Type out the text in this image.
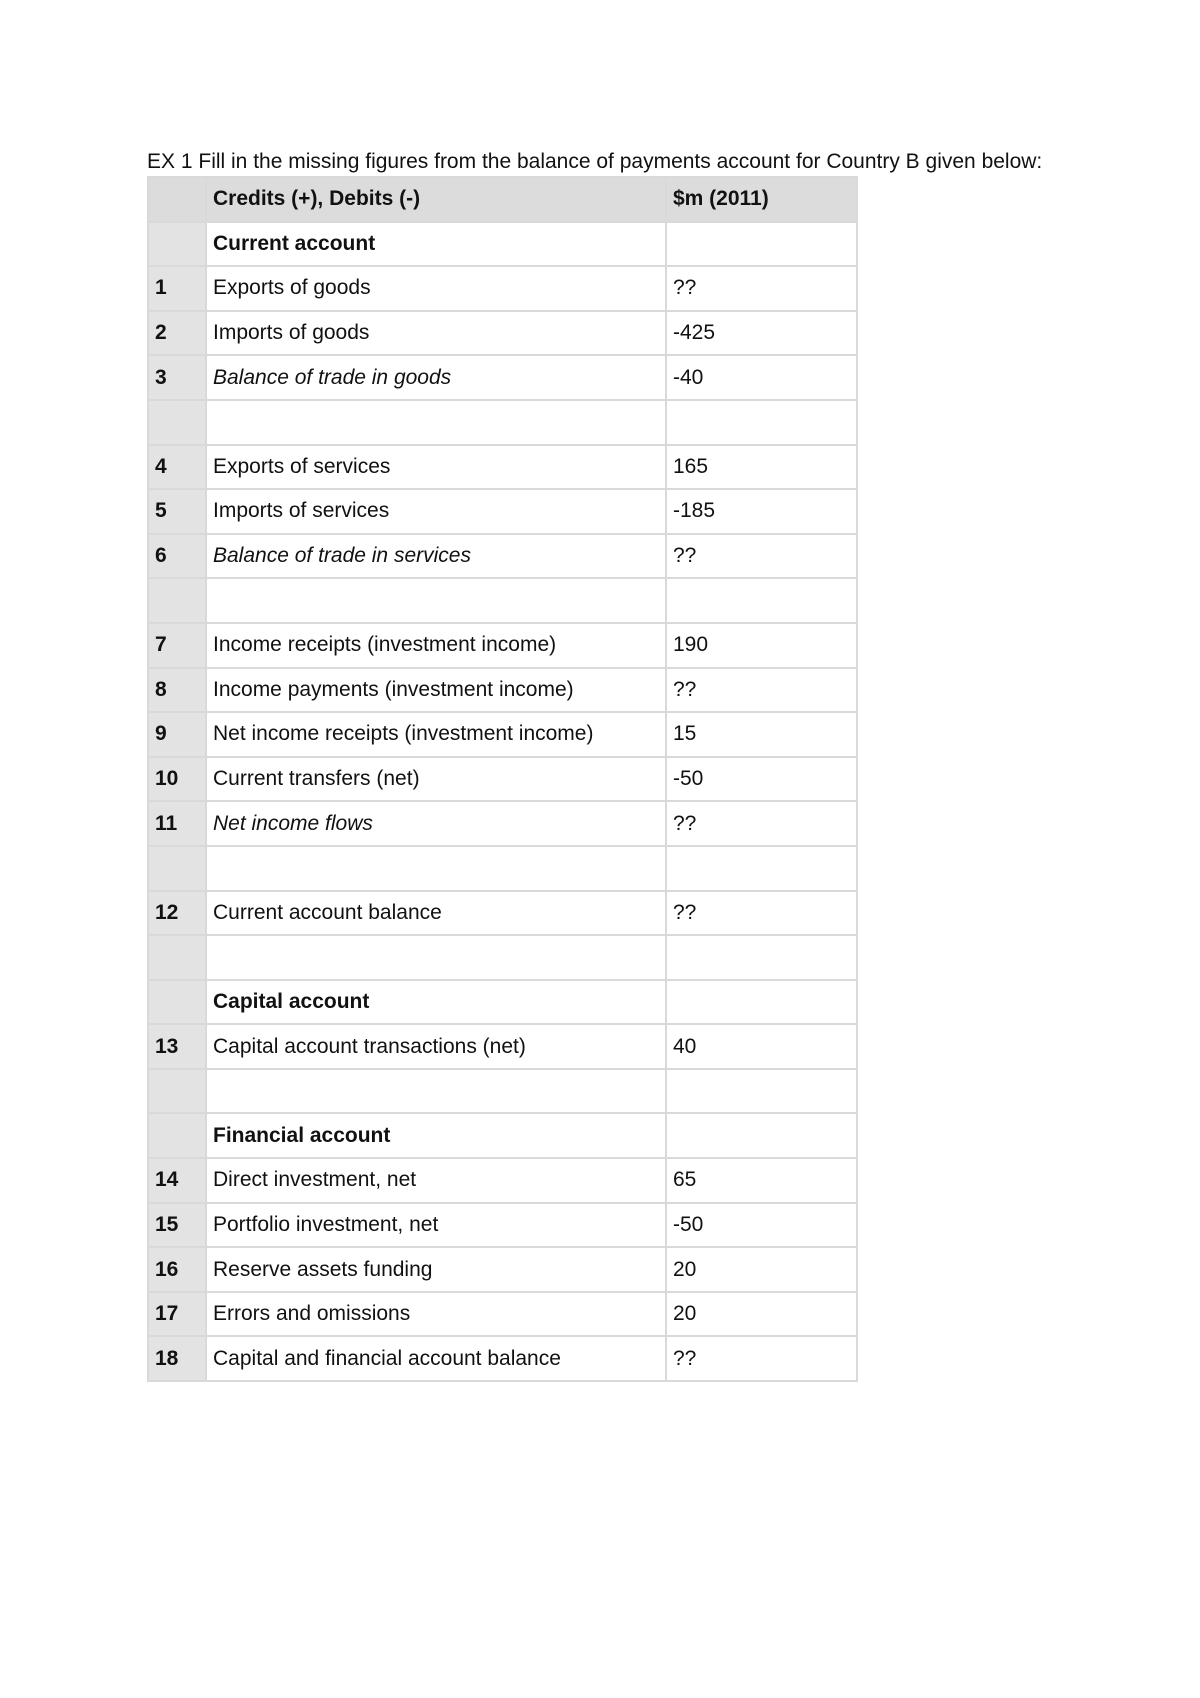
EX 1 Fill in the missing figures from the balance of payments account for Country B given below:

	Credits (+), Debits (-)	$m (2011)
	Current account	
1	Exports of goods	??
2	Imports of goods	-425
3	Balance of trade in goods	-40

4	Exports of services	165
5	Imports of services	-185
6	Balance of trade in services	??

7	Income receipts (investment income)	190
8	Income payments (investment income)	??
9	Net income receipts (investment income)	15
10	Current transfers (net)	-50
11	Net income flows	??

12	Current account balance	??

	Capital account	
13	Capital account transactions (net)	40

	Financial account	
14	Direct investment, net	65
15	Portfolio investment, net	-50
16	Reserve assets funding	20
17	Errors and omissions	20
18	Capital and financial account balance	??
